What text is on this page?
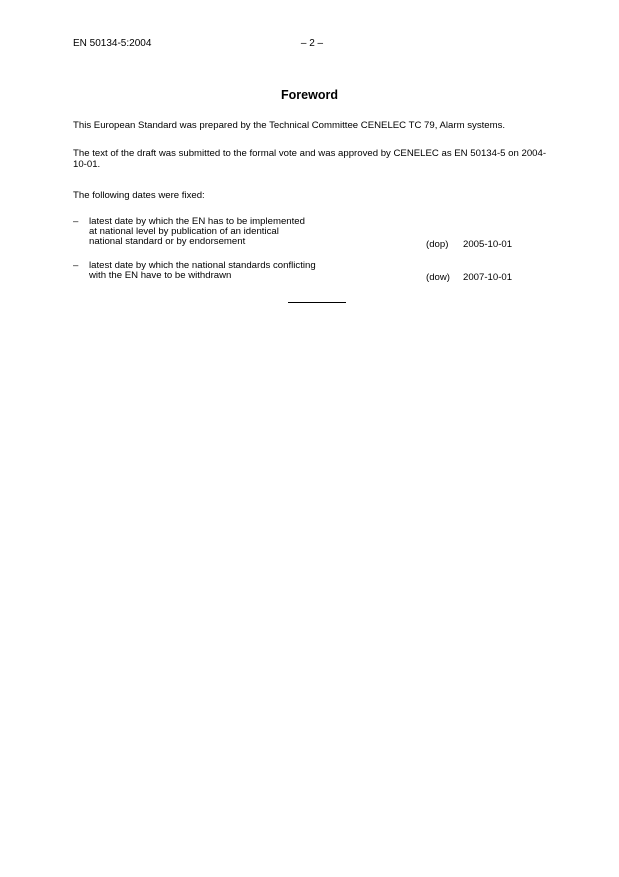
EN 50134-5:2004	– 2 –
Foreword
This European Standard was prepared by the Technical Committee CENELEC TC 79, Alarm systems.
The text of the draft was submitted to the formal vote and was approved by CENELEC as EN 50134-5 on 2004-10-01.
The following dates were fixed:
– latest date by which the EN has to be implemented
at national level by publication of an identical
national standard or by endorsement	(dop)	2005-10-01
– latest date by which the national standards conflicting
with the EN have to be withdrawn	(dow)	2007-10-01
